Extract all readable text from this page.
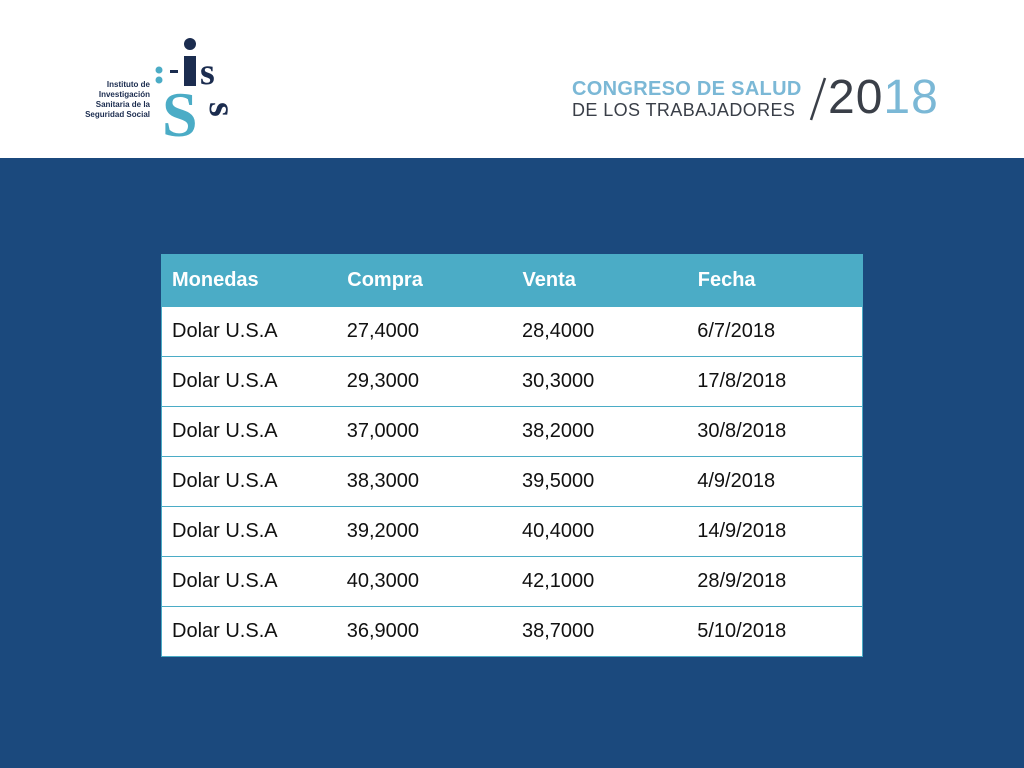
Instituto de
Investigación
Sanitaria de la
Seguridad Social
s
S s
CONGRESO DE SALUD
DE LOS TRABAJADORES 2018
Monedas	Compra	Venta	Fecha
Dolar U.S.A	27,4000	28,4000	6/7/2018
Dolar U.S.A	29,3000	30,3000	17/8/2018
Dolar U.S.A	37,0000	38,2000	30/8/2018
Dolar U.S.A	38,3000	39,5000	4/9/2018
Dolar U.S.A	39,2000	40,4000	14/9/2018
Dolar U.S.A	40,3000	42,1000	28/9/2018
Dolar U.S.A	36,9000	38,7000	5/10/2018
